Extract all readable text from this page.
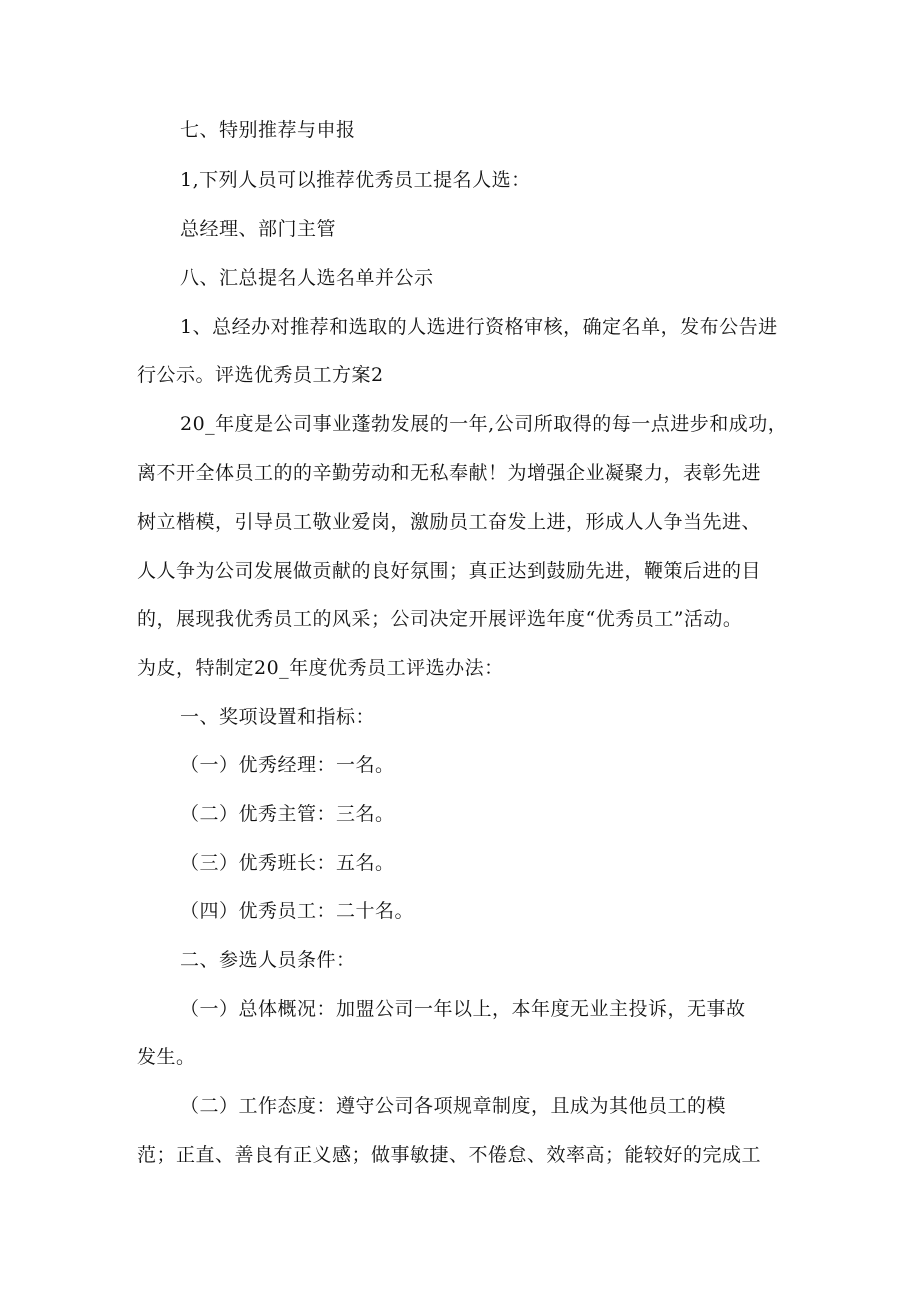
七、特别推荐与申报
1,下列人员可以推荐优秀员工提名人选：
总经理、部门主管
八、汇总提名人选名单并公示
1、总经办对推荐和选取的人选进行资格审核，确定名单，发布公告进
行公示。评选优秀员工方案2
20_年度是公司事业蓬勃发展的一年,公司所取得的每一点进步和成功，
离不开全体员工的的辛勤劳动和无私奉献！为增强企业凝聚力，表彰先进
树立楷模，引导员工敬业爱岗，激励员工奋发上进，形成人人争当先进、
人人争为公司发展做贡献的良好氛围；真正达到鼓励先进，鞭策后进的目
的，展现我优秀员工的风采；公司决定开展评选年度“优秀员工”活动。
为皮，特制定20_年度优秀员工评选办法：
一、奖项设置和指标：
（一）优秀经理：一名。
（二）优秀主管：三名。
（三）优秀班长：五名。
（四）优秀员工：二十名。
二、参选人员条件：
（一）总体概况：加盟公司一年以上，本年度无业主投诉，无事故
发生。
（二）工作态度：遵守公司各项规章制度，且成为其他员工的模
范；正直、善良有正义感；做事敏捷、不倦怠、效率高；能较好的完成工
